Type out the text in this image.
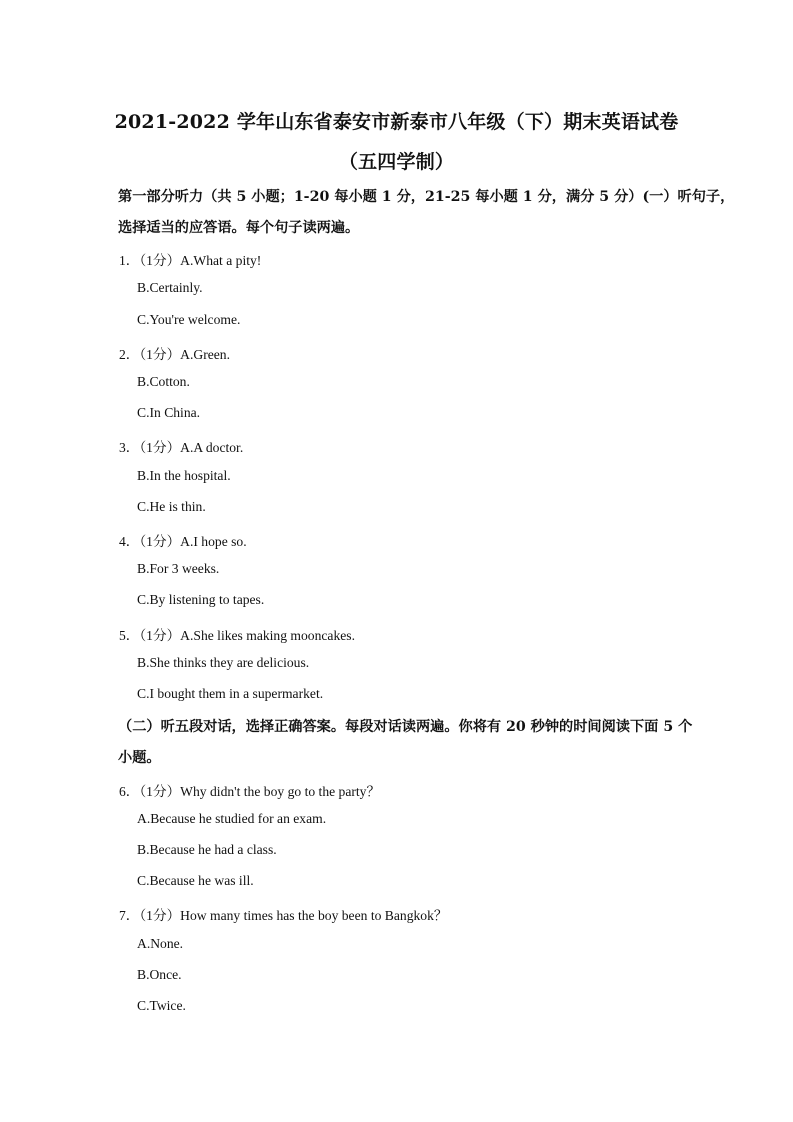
2021-2022 学年山东省泰安市新泰市八年级（下）期末英语试卷
（五四学制）
第一部分听力（共 5 小题；1-20 每小题 1 分，21-25 每小题 1 分，满分 5 分）(一）听句子，
选择适当的应答语。每个句子读两遍。
1．（1分）A.What a pity!
B.Certainly.
C.You're welcome.
2．（1分）A.Green.
B.Cotton.
C.In China.
3．（1分）A.A doctor.
B.In the hospital.
C.He is thin.
4．（1分）A.I hope so.
B.For 3 weeks.
C.By listening to tapes.
5．（1分）A.She likes making mooncakes.
B.She thinks they are delicious.
C.I bought them in a supermarket.
（二）听五段对话，选择正确答案。每段对话读两遍。你将有 20 秒钟的时间阅读下面 5 个
小题。
6．（1分）Why didn't the boy go to the party？
A.Because he studied for an exam.
B.Because he had a class.
C.Because he was ill.
7．（1分）How many times has the boy been to Bangkok？
A.None.
B.Once.
C.Twice.
